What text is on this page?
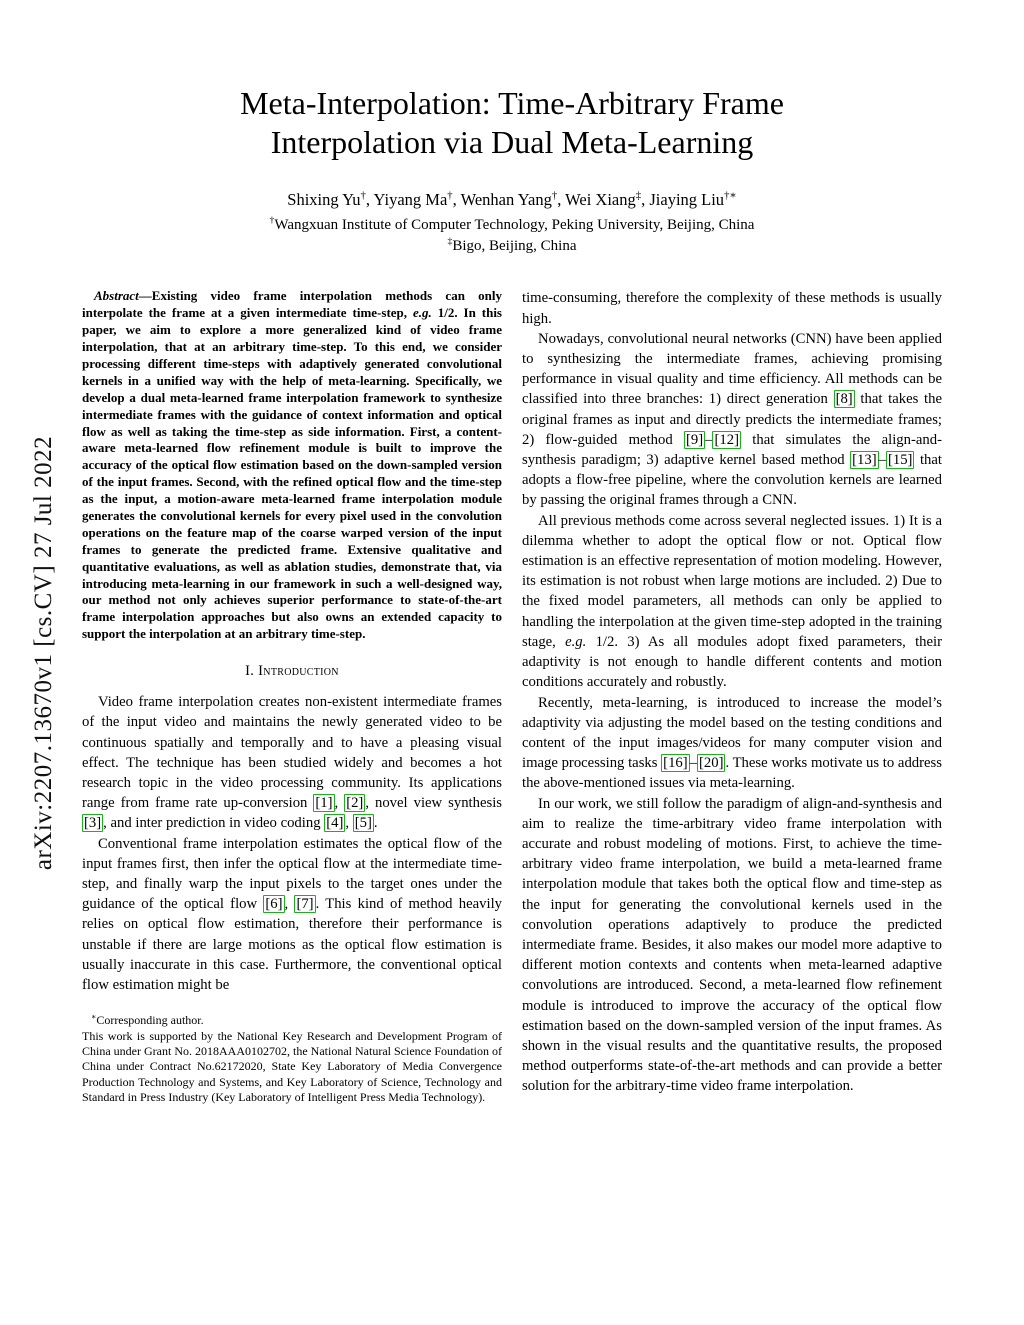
arXiv:2207.13670v1 [cs.CV] 27 Jul 2022
Meta-Interpolation: Time-Arbitrary Frame
Interpolation via Dual Meta-Learning
Shixing Yu†, Yiyang Ma†, Wenhan Yang†, Wei Xiang‡, Jiaying Liu†∗
†Wangxuan Institute of Computer Technology, Peking University, Beijing, China
‡Bigo, Beijing, China

Abstract—Existing video frame interpolation methods can only interpolate the frame at a given intermediate time-step, e.g. 1/2. In this paper, we aim to explore a more generalized kind of video frame interpolation, that at an arbitrary time-step. To this end, we consider processing different time-steps with adaptively generated convolutional kernels in a unified way with the help of meta-learning. Specifically, we develop a dual meta-learned frame interpolation framework to synthesize intermediate frames with the guidance of context information and optical flow as well as taking the time-step as side information. First, a content-aware meta-learned flow refinement module is built to improve the accuracy of the optical flow estimation based on the down-sampled version of the input frames. Second, with the refined optical flow and the time-step as the input, a motion-aware meta-learned frame interpolation module generates the convolutional kernels for every pixel used in the convolution operations on the feature map of the coarse warped version of the input frames to generate the predicted frame. Extensive qualitative and quantitative evaluations, as well as ablation studies, demonstrate that, via introducing meta-learning in our framework in such a well-designed way, our method not only achieves superior performance to state-of-the-art frame interpolation approaches but also owns an extended capacity to support the interpolation at an arbitrary time-step.

I. Introduction

Video frame interpolation creates non-existent intermediate frames of the input video and maintains the newly generated video to be continuous spatially and temporally and to have a pleasing visual effect. The technique has been studied widely and becomes a hot research topic in the video processing community. Its applications range from frame rate up-conversion [1] , [2] , novel view synthesis [3] , and inter prediction in video coding [4] , [5] .

Conventional frame interpolation estimates the optical flow of the input frames first, then infer the optical flow at the intermediate time-step, and finally warp the input pixels to the target ones under the guidance of the optical flow [6] , [7] . This kind of method heavily relies on optical flow estimation, therefore their performance is unstable if there are large motions as the optical flow estimation is usually inaccurate in this case. Furthermore, the conventional optical flow estimation might be

∗Corresponding author.

This work is supported by the National Key Research and Development Program of China under Grant No. 2018AAA0102702, the National Natural Science Foundation of China under Contract No.62172020, State Key Laboratory of Media Convergence Production Technology and Systems, and Key Laboratory of Science, Technology and Standard in Press Industry (Key Laboratory of Intelligent Press Media Technology).

time-consuming, therefore the complexity of these methods is usually high.

Nowadays, convolutional neural networks (CNN) have been applied to synthesizing the intermediate frames, achieving promising performance in visual quality and time efficiency. All methods can be classified into three branches: 1) direct generation [8] that takes the original frames as input and directly predicts the intermediate frames; 2) flow-guided method [9] – [12] that simulates the align-and-synthesis paradigm; 3) adaptive kernel based method [13] – [15] that adopts a flow-free pipeline, where the convolution kernels are learned by passing the original frames through a CNN.

All previous methods come across several neglected issues. 1) It is a dilemma whether to adopt the optical flow or not. Optical flow estimation is an effective representation of motion modeling. However, its estimation is not robust when large motions are included. 2) Due to the fixed model parameters, all methods can only be applied to handling the interpolation at the given time-step adopted in the training stage, e.g. 1/2. 3) As all modules adopt fixed parameters, their adaptivity is not enough to handle different contents and motion conditions accurately and robustly.

Recently, meta-learning, is introduced to increase the model’s adaptivity via adjusting the model based on the testing conditions and content of the input images/videos for many computer vision and image processing tasks [16] – [20] . These works motivate us to address the above-mentioned issues via meta-learning.

In our work, we still follow the paradigm of align-and-synthesis and aim to realize the time-arbitrary video frame interpolation with accurate and robust modeling of motions. First, to achieve the time-arbitrary video frame interpolation, we build a meta-learned frame interpolation module that takes both the optical flow and time-step as the input for generating the convolutional kernels used in the convolution operations adaptively to produce the predicted intermediate frame. Besides, it also makes our model more adaptive to different motion contexts and contents when meta-learned adaptive convolutions are introduced. Second, a meta-learned flow refinement module is introduced to improve the accuracy of the optical flow estimation based on the down-sampled version of the input frames. As shown in the visual results and the quantitative results, the proposed method outperforms state-of-the-art methods and can provide a better solution for the arbitrary-time video frame interpolation.
